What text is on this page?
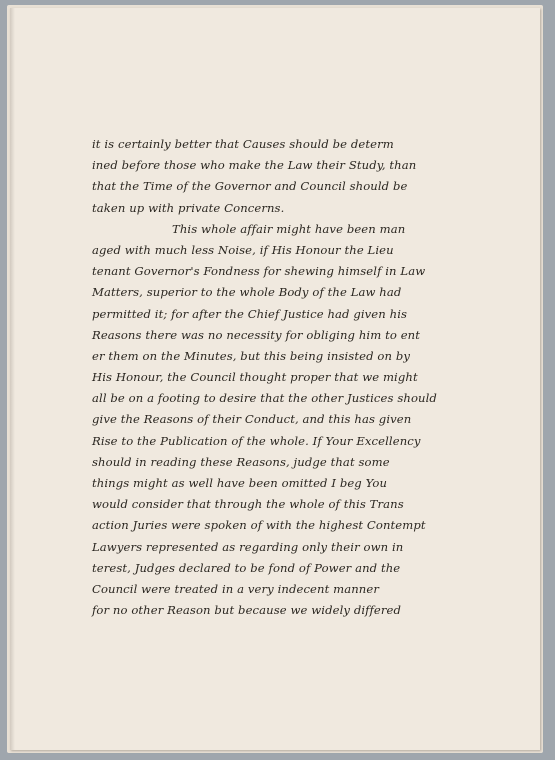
it is certainly better that Causes should be determ
ined before those who make the Law their Study, than
that the Time of the Governor and Council should be
taken up with private Concerns.
This whole affair might have been man
aged with much less Noise, if His Honour the Lieu
tenant Governor's Fondness for shewing himself in Law
Matters, superior to the whole Body of the Law had
permitted it; for after the Chief Justice had given his
Reasons there was no necessity for obliging him to ent
er them on the Minutes, but this being insisted on by
His Honour, the Council thought proper that we might
all be on a footing to desire that the other Justices should
give the Reasons of their Conduct, and this has given
Rise to the Publication of the whole. If Your Excellency
should in reading these Reasons, judge that some
things might as well have been omitted I beg You
would consider that through the whole of this Trans
action Juries were spoken of with the highest Contempt
Lawyers represented as regarding only their own in
terest, Judges declared to be fond of Power and the
Council were treated in a very indecent manner
for no other Reason but because we widely differed
